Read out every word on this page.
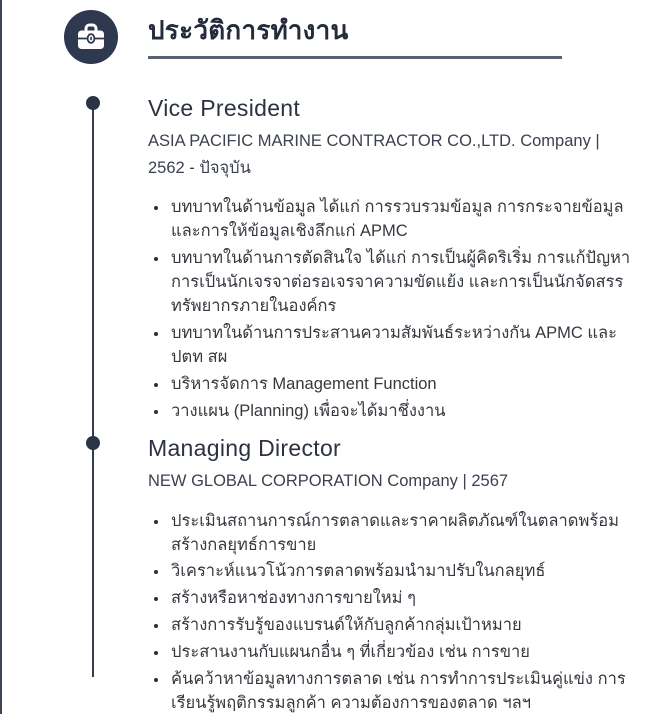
ประวัติการทำงาน
Vice President
ASIA PACIFIC MARINE CONTRACTOR CO.,LTD. Company | 2562 - ปัจจุบัน
• บทบาทในด้านข้อมูล ได้แก่ การรวบรวมข้อมูล การกระจายข้อมูล และการให้ข้อมูลเชิงลึกแก่ APMC
• บทบาทในด้านการตัดสินใจ ได้แก่ การเป็นผู้คิดริเริ่ม การแก้ปัญหา การเป็นนักเจรจาต่อรอเจรจาความขัดแย้ง และการเป็นนักจัดสรรทรัพยากรภายในองค์กร
• บทบาทในด้านการประสานความสัมพันธ์ระหว่างกัน APMC และ ปตท สผ
• บริหารจัดการ Management Function
• วางแผน (Planning) เพื่อจะได้มาชึ่งงาน
Managing Director
NEW GLOBAL CORPORATION Company | 2567
• ประเมินสถานการณ์การตลาดและราคาผลิตภัณฑ์ในตลาดพร้อมสร้างกลยุทธ์การขาย
• วิเคราะห์แนวโน้วการตลาดพร้อมนำมาปรับในกลยุทธ์
• สร้างหรือหาช่องทางการขายใหม่ ๆ
• สร้างการรับรู้ของแบรนด์ให้กับลูกค้ากลุ่มเป้าหมาย
• ประสานงานกับแผนกอื่น ๆ ที่เกี่ยวข้อง เช่น การขาย
• ค้นคว้าหาข้อมูลทางการตลาด เช่น การทำการประเมินคู่แข่ง การเรียนรู้พฤติกรรมลูกค้า ความต้องการของตลาด ฯลฯ
